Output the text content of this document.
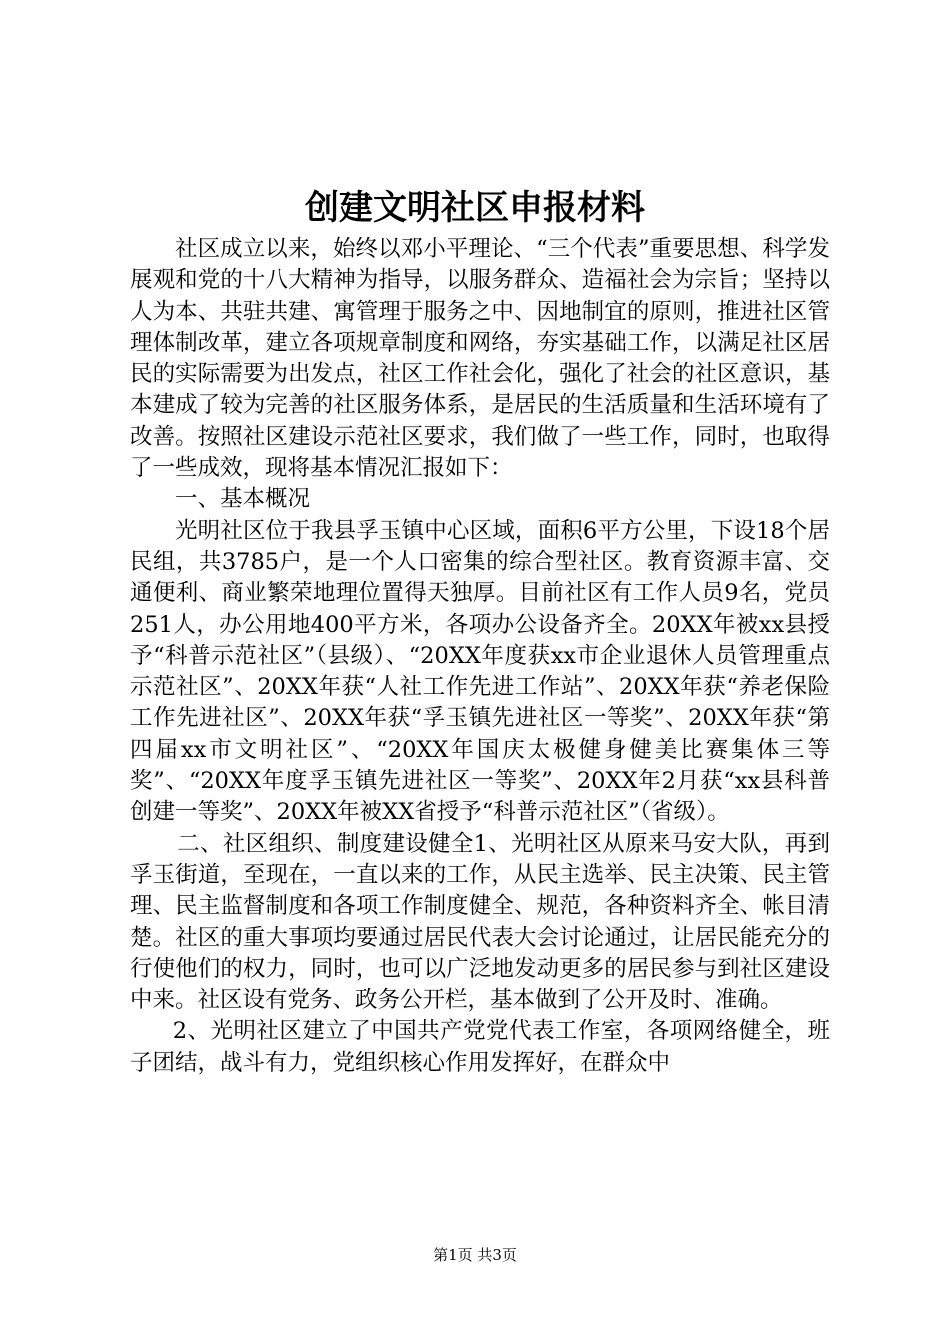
创建文明社区申报材料

社区成立以来，始终以邓小平理论、“三个代表”重要思想、科学发展观和党的十八大精神为指导，以服务群众、造福社会为宗旨；坚持以人为本、共驻共建、寓管理于服务之中、因地制宜的原则，推进社区管理体制改革，建立各项规章制度和网络，夯实基础工作，以满足社区居民的实际需要为出发点，社区工作社会化，强化了社会的社区意识，基本建成了较为完善的社区服务体系，是居民的生活质量和生活环境有了改善。按照社区建设示范社区要求，我们做了一些工作，同时，也取得了一些成效，现将基本情况汇报如下：

一、基本概况

光明社区位于我县孚玉镇中心区域，面积6平方公里，下设18个居民组，共3785户，是一个人口密集的综合型社区。教育资源丰富、交通便利、商业繁荣地理位置得天独厚。目前社区有工作人员9名，党员251人，办公用地400平方米，各项办公设备齐全。20XX年被xx县授予“科普示范社区”（县级）、“20XX年度获xx市企业退休人员管理重点示范社区”、20XX年获“人社工作先进工作站”、20XX年获“养老保险工作先进社区”、20XX年获“孚玉镇先进社区一等奖”、20XX年获“第四届xx市文明社区”、“20XX年国庆太极健身健美比赛集体三等奖”、“20XX年度孚玉镇先进社区一等奖”、20XX年2月获“xx县科普创建一等奖”、20XX年被XX省授予“科普示范社区”（省级）。

二、社区组织、制度建设健全1、光明社区从原来马安大队，再到孚玉街道，至现在，一直以来的工作，从民主选举、民主决策、民主管理、民主监督制度和各项工作制度健全、规范，各种资料齐全、帐目清楚。社区的重大事项均要通过居民代表大会讨论通过，让居民能充分的行使他们的权力，同时，也可以广泛地发动更多的居民参与到社区建设中来。社区设有党务、政务公开栏，基本做到了公开及时、准确。

2、光明社区建立了中国共产党党代表工作室，各项网络健全，班子团结，战斗有力，党组织核心作用发挥好，在群众中

第1页 共3页
